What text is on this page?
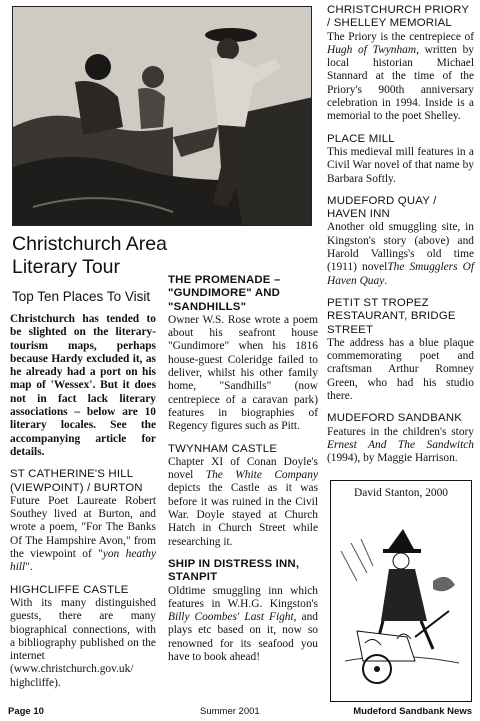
Christchurch Area
Literary Tour
Top Ten Places To Visit

Christchurch has tended to be slighted on the literary-tourism maps, perhaps because Hardy excluded it, as he already had a port on his map of 'Wessex'. But it does not in fact lack literary associations – below are 10 literary locales. See the accompanying article for details.

ST CATHERINE'S HILL (VIEWPOINT) / BURTON

Future Poet Laureate Robert Southey lived at Burton, and wrote a poem, "For The Banks Of The Hampshire Avon," from the viewpoint of "yon heathy hill".

HIGHCLIFFE CASTLE

With its many distinguished guests, there are many biographical connections, with a bibliography published on the internet (www.christchurch.gov.uk/ highcliffe).

THE PROMENADE – "GUNDIMORE" AND "SANDHILLS"

Owner W.S. Rose wrote a poem about his seafront house "Gundimore" when his 1816 house-guest Coleridge failed to deliver, whilst his other family home, "Sandhills" (now centrepiece of a caravan park) features in biographies of Regency figures such as Pitt.

TWYNHAM CASTLE

Chapter XI of Conan Doyle's novel The White Company depicts the Castle as it was before it was ruined in the Civil War. Doyle stayed at Church Hatch in Church Street while researching it.

SHIP IN DISTRESS INN, STANPIT

Oldtime smuggling inn which features in W.H.G. Kingston's Billy Coombes' Last Fight, and plays etc based on it, now so renowned for its seafood you have to book ahead!

CHRISTCHURCH PRIORY / SHELLEY MEMORIAL

The Priory is the centrepiece of Hugh of Twynham, written by local historian Michael Stannard at the time of the Priory's 900th anniversary celebration in 1994. Inside is a memorial to the poet Shelley.

PLACE MILL

This medieval mill features in a Civil War novel of that name by Barbara Softly.

MUDEFORD QUAY / HAVEN INN

Another old smuggling site, in Kingston's story (above) and Harold Vallings's old time (1911) novelThe Smugglers Of Haven Quay.

PETIT ST TROPEZ RESTAURANT, BRIDGE STREET

The address has a blue plaque commemorating poet and craftsman Arthur Romney Green, who had his studio there.

MUDEFORD SANDBANK

Features in the children's story Ernest And The Sandwitch (1994), by Maggie Harrison.

David Stanton, 2000
Page 10	Summer 2001	Mudeford Sandbank News
